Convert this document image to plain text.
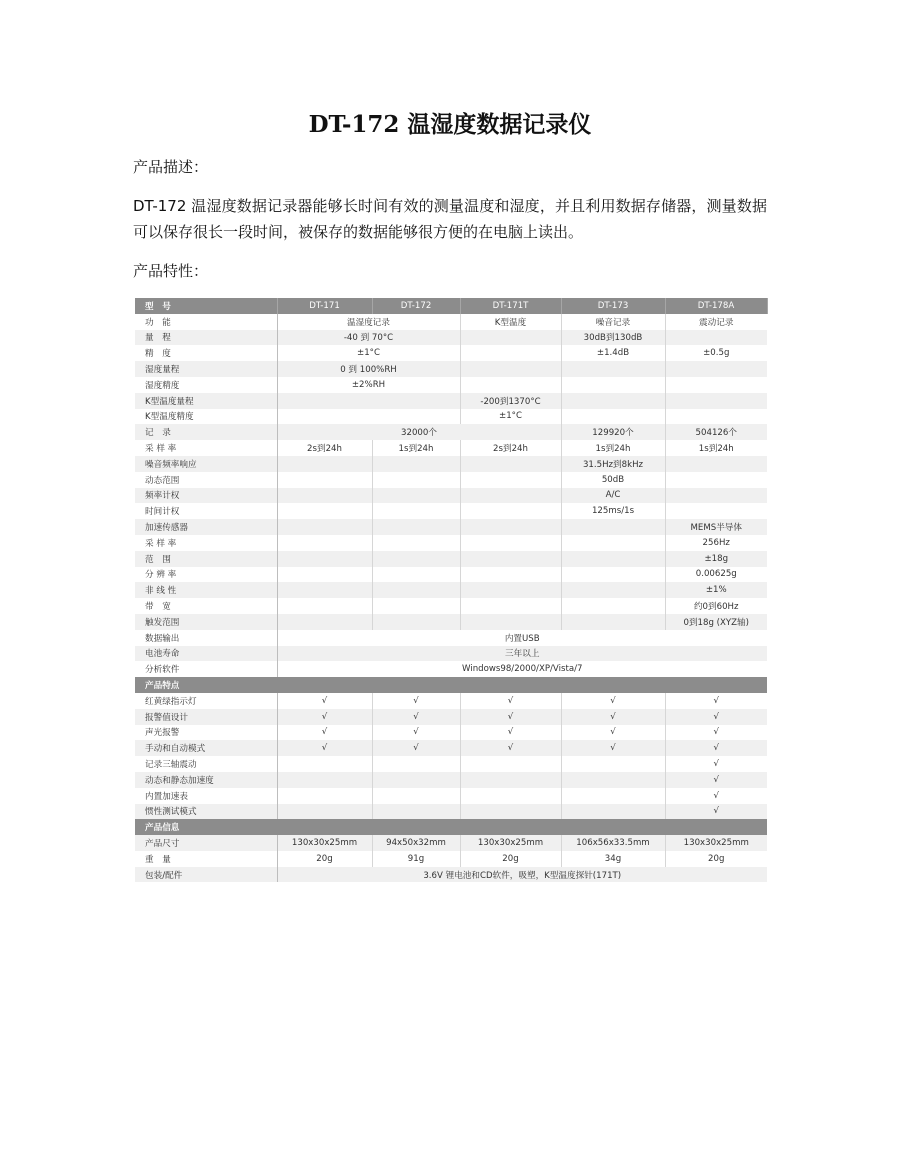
DT-172 温湿度数据记录仪
产品描述：
DT-172 温湿度数据记录器能够长时间有效的测量温度和湿度，并且利用数据存储器，测量数据可以保存很长一段时间，被保存的数据能够很方便的在电脑上读出。
产品特性：
型　号	DT-171	DT-172	DT-171T	DT-173	DT-178A
功　能	温湿度记录		K型温度	噪音记录	震动记录
量　程	-40 到 70°C			30dB到130dB	
精　度	±1°C			±1.4dB	±0.5g
湿度量程	0 到 100%RH				
湿度精度	±2%RH				
K型温度量程			-200到1370°C		
K型温度精度			±1°C		
记　录	32000个			129920个	504126个
采 样 率	2s到24h	1s到24h	2s到24h	1s到24h	1s到24h
噪音频率响应				31.5Hz到8kHz	
动态范围				50dB	
频率计权				A/C	
时间计权				125ms/1s	
加速传感器					MEMS半导体
采 样 率					256Hz
范　围					±18g
分 辨 率					0.00625g
非 线 性					±1%
带　宽					约0到60Hz
触发范围					0到18g (XYZ轴)
数据输出	内置USB				
电池寿命	三年以上				
分析软件	Windows98/2000/XP/Vista/7				
产品特点					
红黄绿指示灯	√	√	√	√	√
报警值设计	√	√	√	√	√
声光报警	√	√	√	√	√
手动和自动模式	√	√	√	√	√
记录三轴震动					√
动态和静态加速度					√
内置加速表					√
惯性测试模式					√
产品信息					
产品尺寸	130x30x25mm	94x50x32mm	130x30x25mm	106x56x33.5mm	130x30x25mm
重　量	20g	91g	20g	34g	20g
包装/配件	3.6V 锂电池和CD软件，吸塑，K型温度探针(171T)				
